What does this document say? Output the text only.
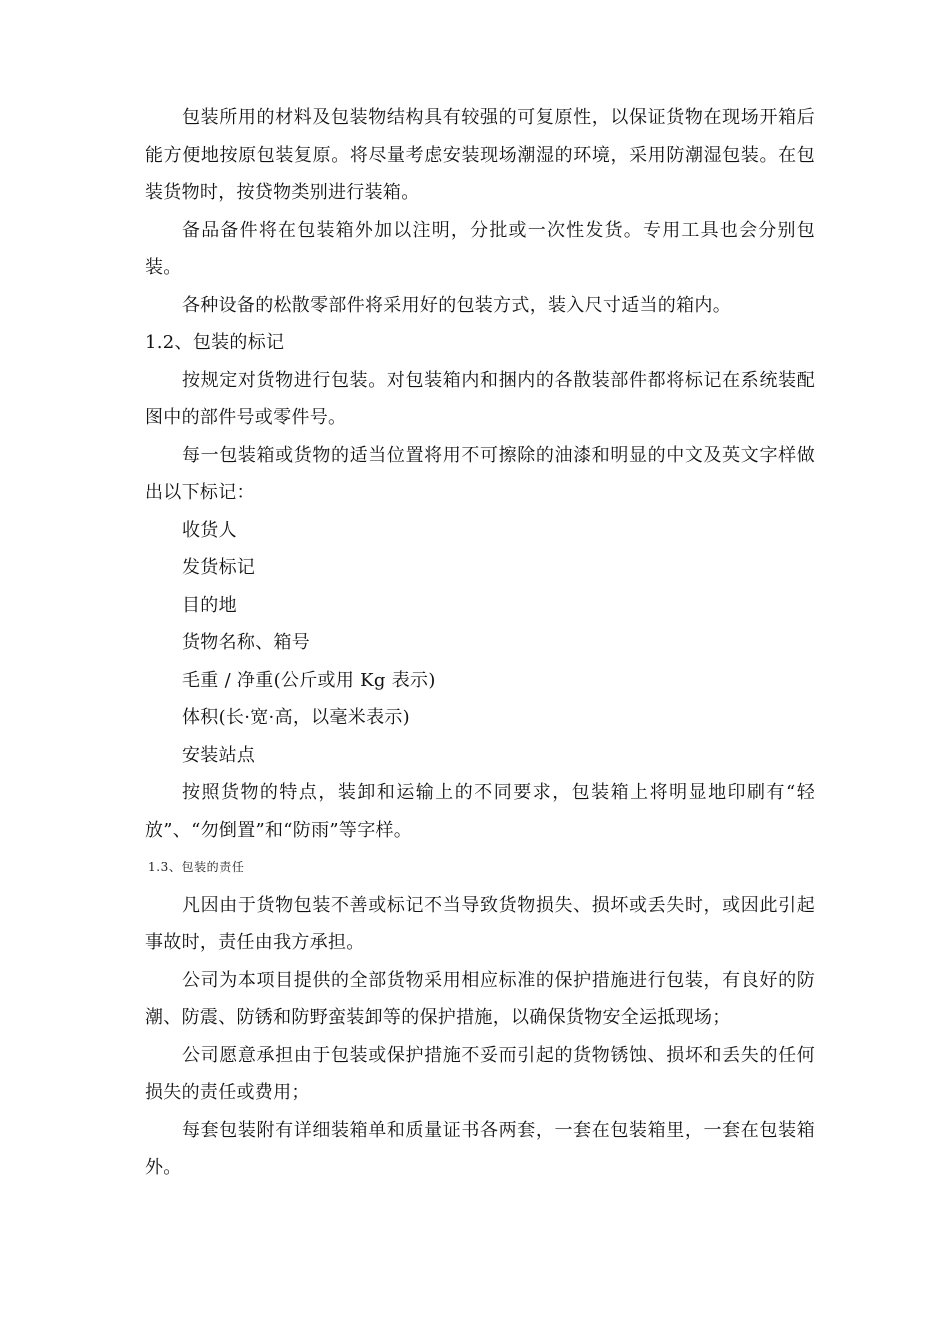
包装所用的材料及包装物结构具有较强的可复原性，以保证货物在现场开箱后能方便地按原包装复原。将尽量考虑安装现场潮湿的环境，采用防潮湿包装。在包装货物时，按贷物类别进行装箱。

备品备件将在包装箱外加以注明，分批或一次性发货。专用工具也会分别包装。

各种设备的松散零部件将采用好的包装方式，装入尺寸适当的箱内。

1.2、包装的标记

按规定对货物进行包装。对包装箱内和捆内的各散装部件都将标记在系统装配图中的部件号或零件号。

每一包装箱或货物的适当位置将用不可擦除的油漆和明显的中文及英文字样做出以下标记：

收货人

发货标记

目的地

货物名称、箱号

毛重 / 净重(公斤或用 Kg 表示)

体积(长·宽·高，以毫米表示)

安装站点

按照货物的特点，装卸和运输上的不同要求，包装箱上将明显地印刷有“轻放”、“勿倒置”和“防雨”等字样。

1.3、包装的责任

凡因由于货物包装不善或标记不当导致货物损失、损坏或丢失时，或因此引起事故时，责任由我方承担。

公司为本项目提供的全部货物采用相应标准的保护措施进行包装，有良好的防潮、防震、防锈和防野蛮装卸等的保护措施，以确保货物安全运抵现场；

公司愿意承担由于包装或保护措施不妥而引起的货物锈蚀、损坏和丢失的任何损失的责任或费用；

每套包装附有详细装箱单和质量证书各两套，一套在包装箱里，一套在包装箱外。
